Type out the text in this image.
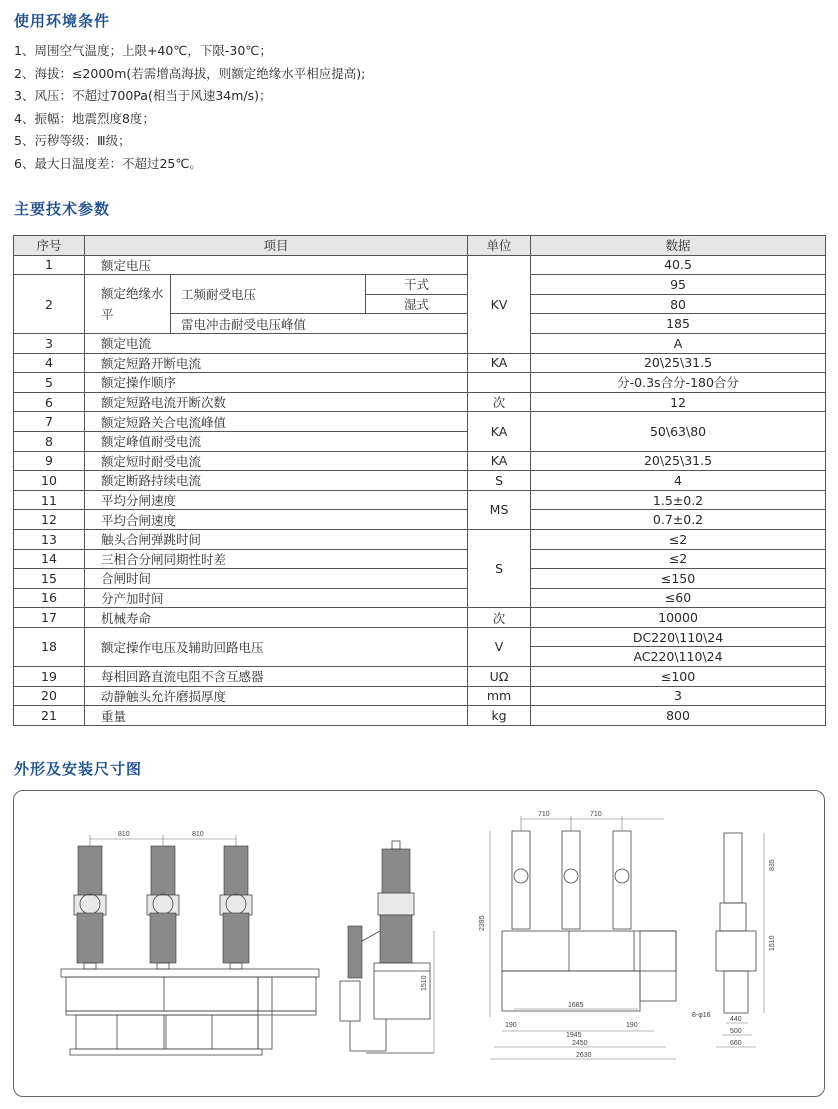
使用环境条件
1、周围空气温度；上限+40℃，下限-30℃；
2、海拔：≤2000m(若需增高海拔，则额定绝缘水平相应提高);
3、风压：不超过700Pa(相当于风速34m/s)；
4、振幅：地震烈度8度；
5、污秽等级：Ⅲ级；
6、最大日温度差：不超过25℃。
主要技术参数
序号	项目			单位	数据	
1	额定电压			KV	40.5	
2	额定绝缘水平	工频耐受电压	干式		95	
			湿式		80	
		雷电冲击耐受电压峰值			185	
3	额定电流				A	
4	额定短路开断电流			KA	20\25\31.5	
5	额定操作顺序				分-0.3s合分-180合分	
6	额定短路电流开断次数			次	12	
7	额定短路关合电流峰值			KA	50\63\80	
8	额定峰值耐受电流					
9	额定短时耐受电流			KA	20\25\31.5	
10	额定断路持续电流			S	4	
11	平均分闸速度			MS	1.5±0.2	
12	平均合闸速度				0.7±0.2	
13	触头合闸弹跳时间			S	≤2	
14	三相合分闸同期性时差				≤2	
15	合闸时间				≤150	
16	分产加时间				≤60	
17	机械寿命			次	10000	
18	额定操作电压及辅助回路电压			V	DC220\110\24	
					AC220\110\24	
19	每相回路直流电阻不含互感器			UΩ	≤100	
20	动静触头允许磨损厚度			mm	3	
21	重量			kg	800	
外形及安装尺寸图
810	810
1510
710	710
2395
1685
190	190
1945
2450
2630
835
1510
8-φ16
440
500
660
